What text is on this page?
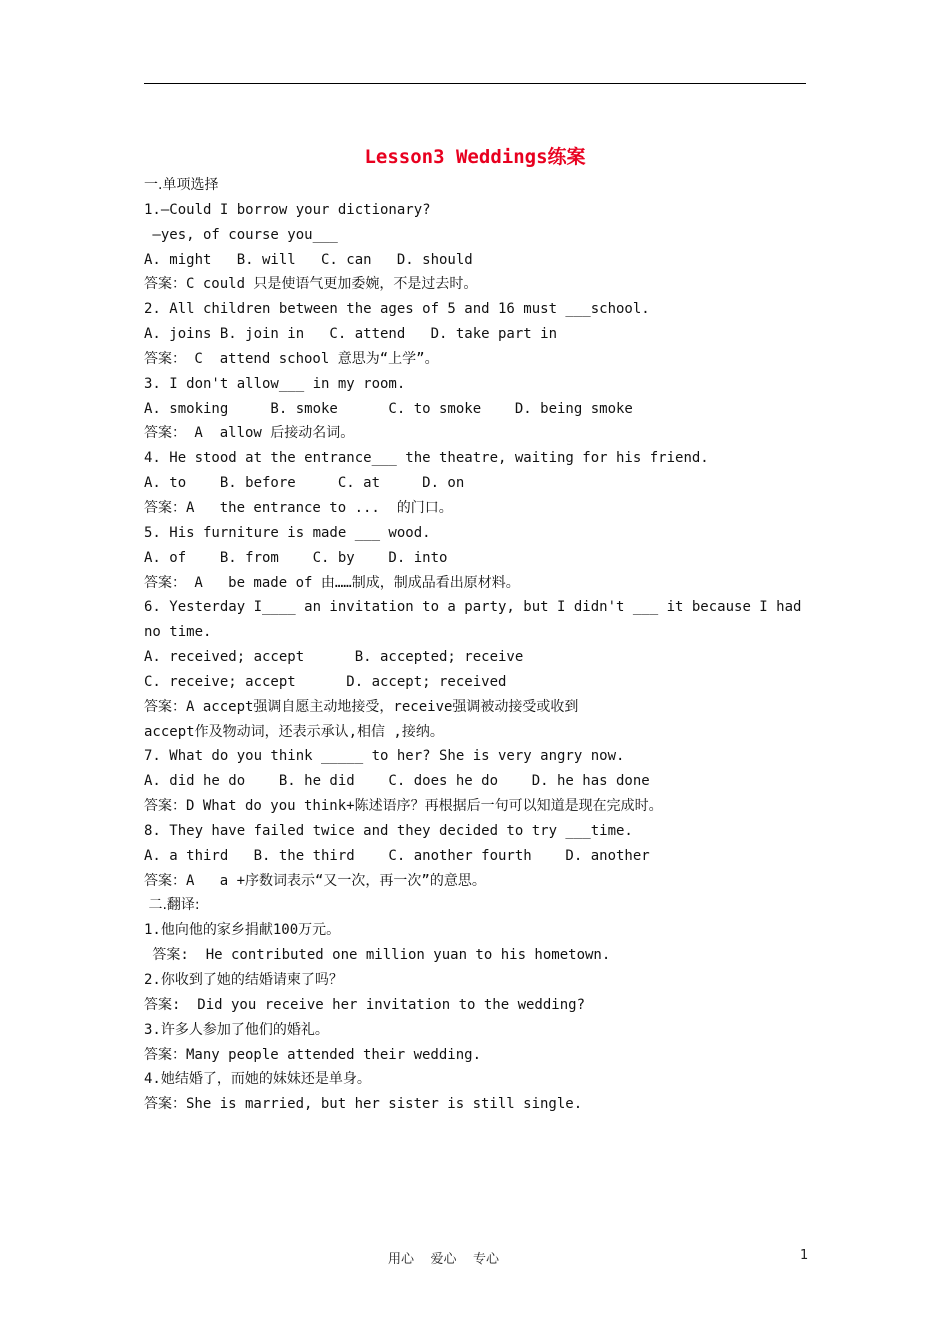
Lesson3 Weddings练案
一.单项选择
1.—Could I borrow your dictionary?
—yes, of course you___
A. might   B. will   C. can   D. should
答案：C could 只是使语气更加委婉，不是过去时。
2. All children between the ages of 5 and 16 must ___school.
A. joins B. join in   C. attend   D. take part in
答案： C  attend school 意思为“上学”。
3. I don't allow___ in my room.
A. smoking     B. smoke      C. to smoke    D. being smoke
答案： A  allow 后接动名词。
4. He stood at the entrance___ the theatre, waiting for his friend.
A. to    B. before     C. at     D. on
答案：A   the entrance to ...  的门口。
5. His furniture is made ___ wood.
A. of    B. from    C. by    D. into
答案： A   be made of 由……制成，制成品看出原材料。
6. Yesterday I____ an invitation to a party, but I didn't ___ it because I had
no time.
A. received; accept      B. accepted; receive
C. receive; accept      D. accept; received
答案：A accept强调自愿主动地接受，receive强调被动接受或收到
accept作及物动词，还表示承认,相信 ,接纳。
7. What do you think _____ to her? She is very angry now.
A. did he do    B. he did    C. does he do    D. he has done
答案：D What do you think+陈述语序？再根据后一句可以知道是现在完成时。
8. They have failed twice and they decided to try ___time.
A. a third   B. the third    C. another fourth    D. another
答案：A   a +序数词表示“又一次，再一次”的意思。
二.翻译:
1.他向他的家乡捐献100万元。
答案:  He contributed one million yuan to his hometown.
2.你收到了她的结婚请柬了吗？
答案:  Did you receive her invitation to the wedding?
3.许多人参加了他们的婚礼。
答案：Many people attended their wedding.
4.她结婚了，而她的妹妹还是单身。
答案：She is married, but her sister is still single.
用心    爱心    专心	1
